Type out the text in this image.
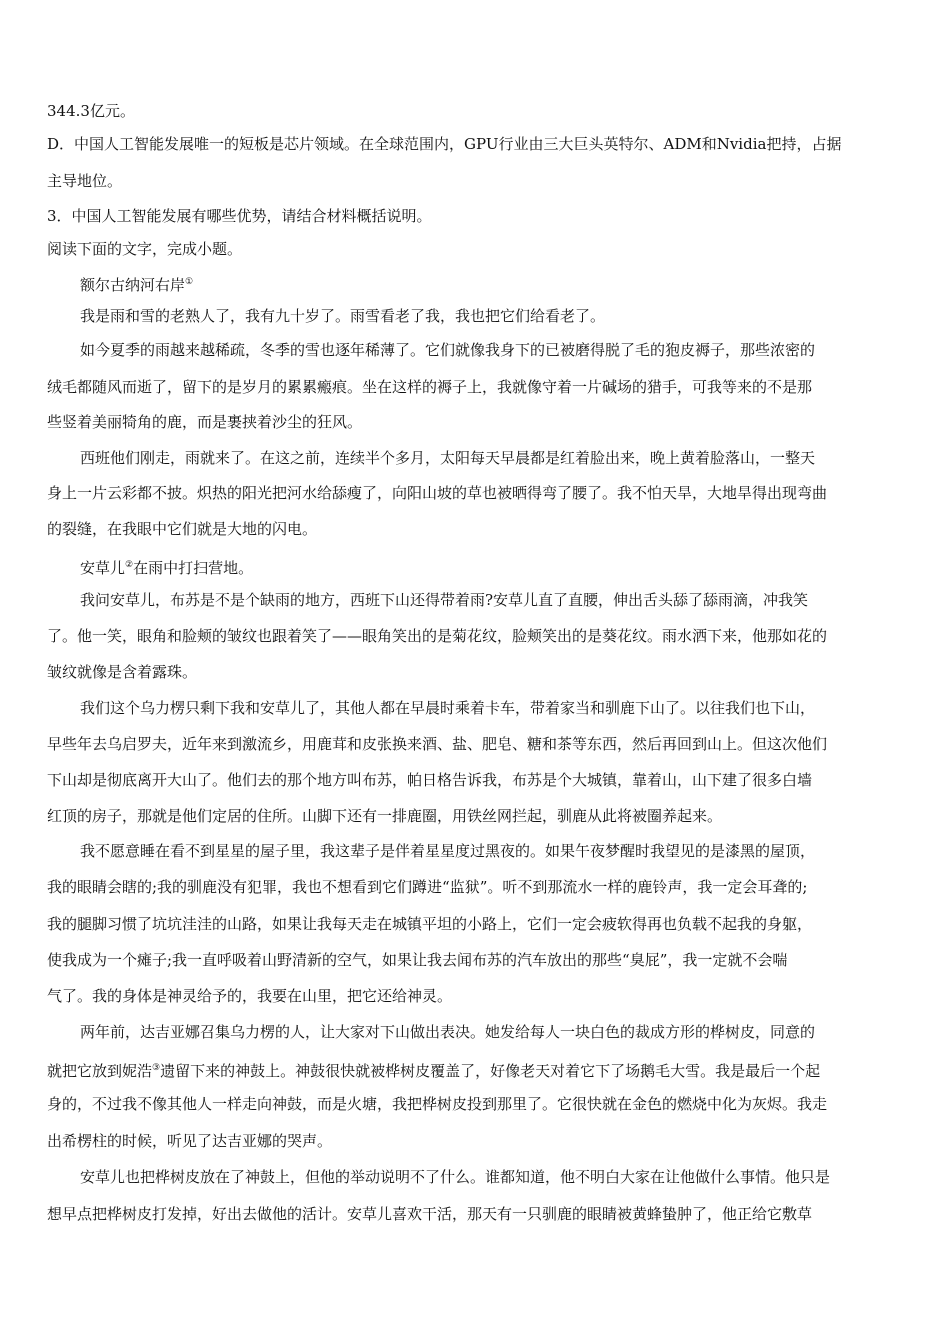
344.3亿元。
D．中国人工智能发展唯一的短板是芯片领域。在全球范围内，GPU行业由三大巨头英特尔、ADM和Nvidia把持，占据
主导地位。
3．中国人工智能发展有哪些优势，请结合材料概括说明。
阅读下面的文字，完成小题。
额尔古纳河右岸①
我是雨和雪的老熟人了，我有九十岁了。雨雪看老了我，我也把它们给看老了。
如今夏季的雨越来越稀疏，冬季的雪也逐年稀薄了。它们就像我身下的已被磨得脱了毛的狍皮褥子，那些浓密的
绒毛都随风而逝了，留下的是岁月的累累瘢痕。坐在这样的褥子上，我就像守着一片碱场的猎手，可我等来的不是那
些竖着美丽犄角的鹿，而是裹挟着沙尘的狂风。
西班他们刚走，雨就来了。在这之前，连续半个多月，太阳每天早晨都是红着脸出来，晚上黄着脸落山，一整天
身上一片云彩都不披。炽热的阳光把河水给舔瘦了，向阳山坡的草也被晒得弯了腰了。我不怕天旱，大地旱得出现弯曲
的裂缝，在我眼中它们就是大地的闪电。
安草儿②在雨中打扫营地。
我问安草儿，布苏是不是个缺雨的地方，西班下山还得带着雨?安草儿直了直腰，伸出舌头舔了舔雨滴，冲我笑
了。他一笑，眼角和脸颊的皱纹也跟着笑了——眼角笑出的是菊花纹，脸颊笑出的是葵花纹。雨水洒下来，他那如花的
皱纹就像是含着露珠。
我们这个乌力楞只剩下我和安草儿了，其他人都在早晨时乘着卡车，带着家当和驯鹿下山了。以往我们也下山，
早些年去乌启罗夫，近年来到激流乡，用鹿茸和皮张换来酒、盐、肥皂、糖和茶等东西，然后再回到山上。但这次他们
下山却是彻底离开大山了。他们去的那个地方叫布苏，帕日格告诉我，布苏是个大城镇，靠着山，山下建了很多白墙
红顶的房子，那就是他们定居的住所。山脚下还有一排鹿圈，用铁丝网拦起，驯鹿从此将被圈养起来。
我不愿意睡在看不到星星的屋子里，我这辈子是伴着星星度过黑夜的。如果午夜梦醒时我望见的是漆黑的屋顶，
我的眼睛会瞎的;我的驯鹿没有犯罪，我也不想看到它们蹲进“监狱”。听不到那流水一样的鹿铃声，我一定会耳聋的;
我的腿脚习惯了坑坑洼洼的山路，如果让我每天走在城镇平坦的小路上，它们一定会疲软得再也负载不起我的身躯，
使我成为一个瘫子;我一直呼吸着山野清新的空气，如果让我去闻布苏的汽车放出的那些“臭屁”，我一定就不会喘
气了。我的身体是神灵给予的，我要在山里，把它还给神灵。
两年前，达吉亚娜召集乌力楞的人，让大家对下山做出表决。她发给每人一块白色的裁成方形的桦树皮，同意的
就把它放到妮浩③遗留下来的神鼓上。神鼓很快就被桦树皮覆盖了，好像老天对着它下了场鹅毛大雪。我是最后一个起
身的，不过我不像其他人一样走向神鼓，而是火塘，我把桦树皮投到那里了。它很快就在金色的燃烧中化为灰烬。我走
出希楞柱的时候，听见了达吉亚娜的哭声。
安草儿也把桦树皮放在了神鼓上，但他的举动说明不了什么。谁都知道，他不明白大家在让他做什么事情。他只是
想早点把桦树皮打发掉，好出去做他的活计。安草儿喜欢干活，那天有一只驯鹿的眼睛被黄蜂蛰肿了，他正给它敷草
